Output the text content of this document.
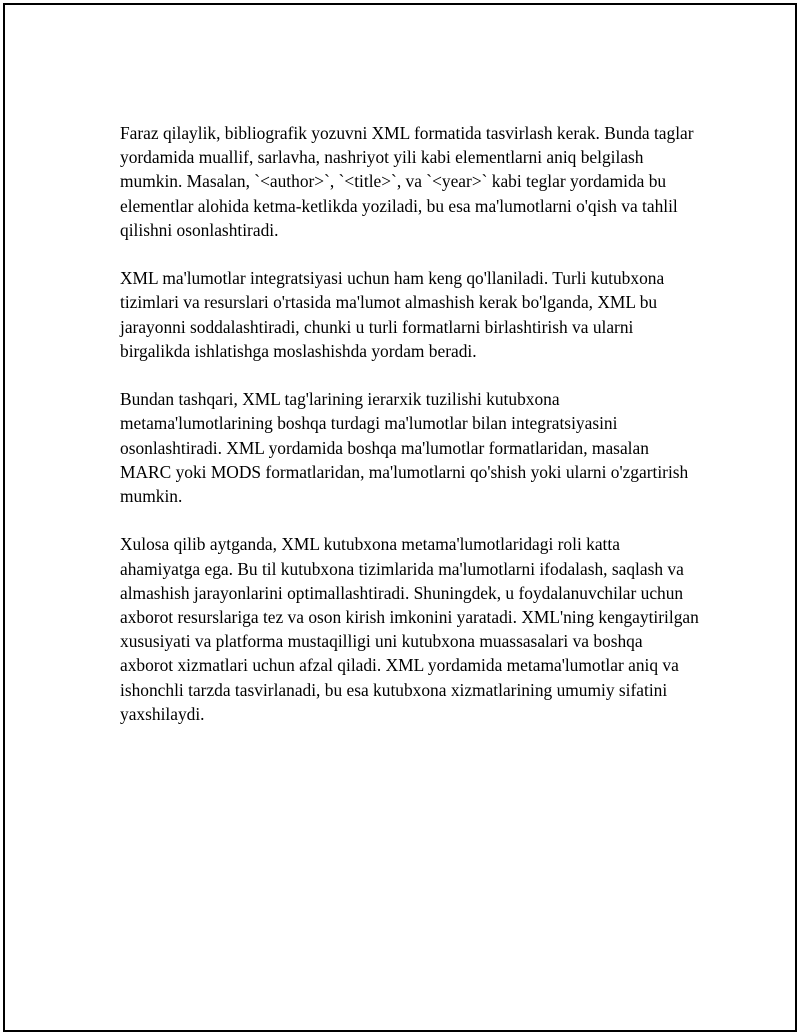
Faraz qilaylik, bibliografik yozuvni XML formatida tasvirlash kerak. Bunda taglar yordamida muallif, sarlavha, nashriyot yili kabi elementlarni aniq belgilash mumkin. Masalan, `<author>`, `<title>`, va `<year>` kabi teglar yordamida bu elementlar alohida ketma-ketlikda yoziladi, bu esa ma'lumotlarni o'qish va tahlil qilishni osonlashtiradi.

XML ma'lumotlar integratsiyasi uchun ham keng qo'llaniladi. Turli kutubxona tizimlari va resurslari o'rtasida ma'lumot almashish kerak bo'lganda, XML bu jarayonni soddalashtiradi, chunki u turli formatlarni birlashtirish va ularni birgalikda ishlatishga moslashishda yordam beradi.

Bundan tashqari, XML tag'larining ierarxik tuzilishi kutubxona metama'lumotlarining boshqa turdagi ma'lumotlar bilan integratsiyasini osonlashtiradi. XML yordamida boshqa ma'lumotlar formatlaridan, masalan MARC yoki MODS formatlaridan, ma'lumotlarni qo'shish yoki ularni o'zgartirish mumkin.

Xulosa qilib aytganda, XML kutubxona metama'lumotlaridagi roli katta ahamiyatga ega. Bu til kutubxona tizimlarida ma'lumotlarni ifodalash, saqlash va almashish jarayonlarini optimallashtiradi. Shuningdek, u foydalanuvchilar uchun axborot resurslariga tez va oson kirish imkonini yaratadi. XML'ning kengaytirilgan xususiyati va platforma mustaqilligi uni kutubxona muassasalari va boshqa axborot xizmatlari uchun afzal qiladi. XML yordamida metama'lumotlar aniq va ishonchli tarzda tasvirlanadi, bu esa kutubxona xizmatlarining umumiy sifatini yaxshilaydi.
